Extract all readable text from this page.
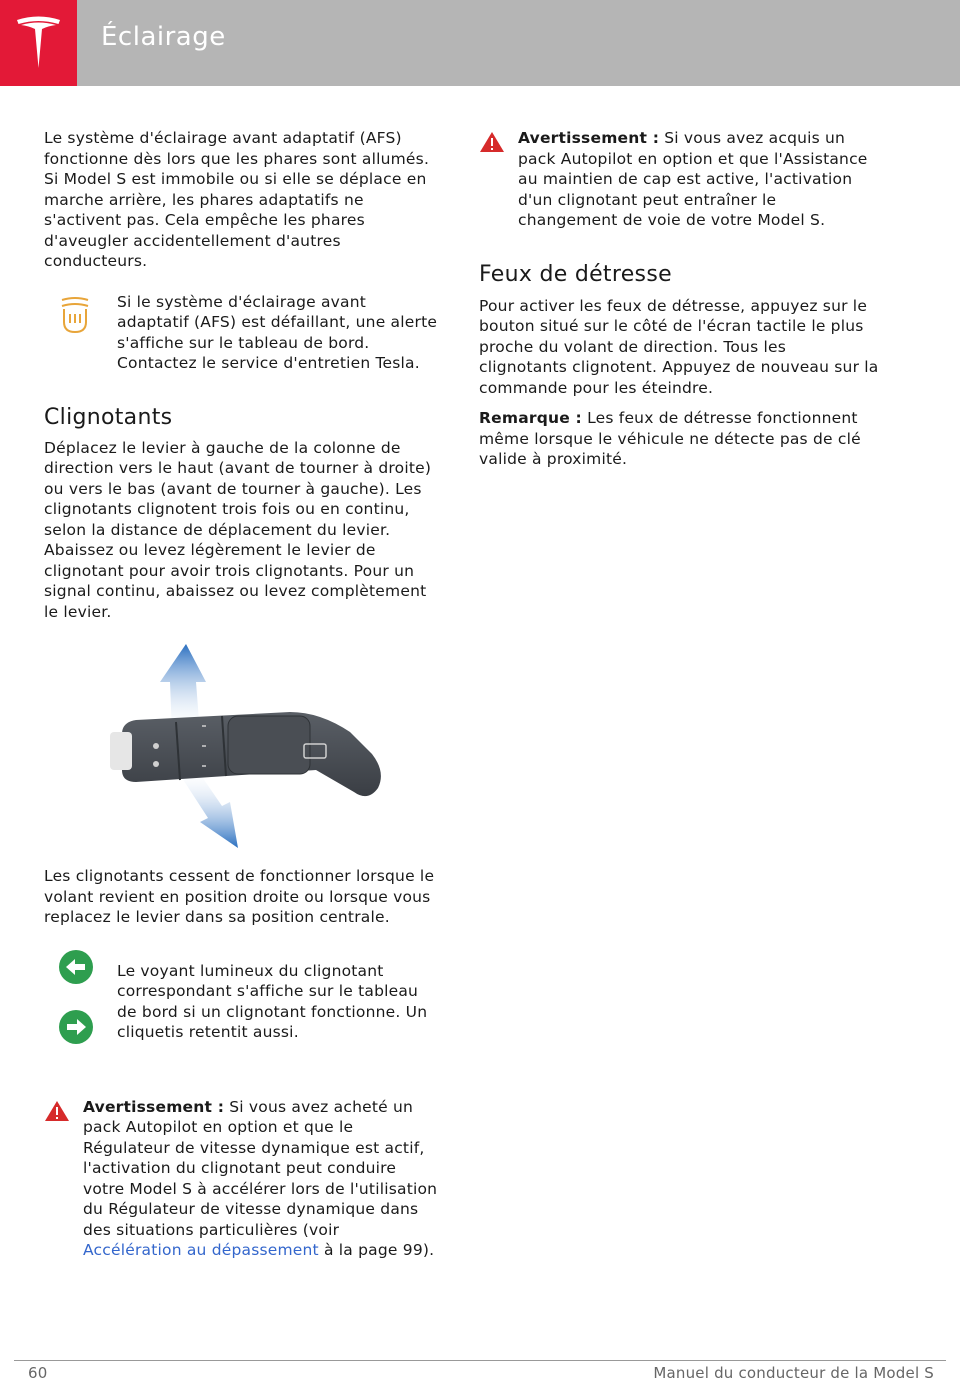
Éclairage

Le système d'éclairage avant adaptatif (AFS) fonctionne dès lors que les phares sont allumés. Si Model S est immobile ou si elle se déplace en marche arrière, les phares adaptatifs ne s'activent pas. Cela empêche les phares d'aveugler accidentellement d'autres conducteurs.

Si le système d'éclairage avant adaptatif (AFS) est défaillant, une alerte s'affiche sur le tableau de bord. Contactez le service d'entretien Tesla.

Clignotants

Déplacez le levier à gauche de la colonne de direction vers le haut (avant de tourner à droite) ou vers le bas (avant de tourner à gauche). Les clignotants clignotent trois fois ou en continu, selon la distance de déplacement du levier. Abaissez ou levez légèrement le levier de clignotant pour avoir trois clignotants. Pour un signal continu, abaissez ou levez complètement le levier.

Les clignotants cessent de fonctionner lorsque le volant revient en position droite ou lorsque vous replacez le levier dans sa position centrale.

Le voyant lumineux du clignotant correspondant s'affiche sur le tableau de bord si un clignotant fonctionne. Un cliquetis retentit aussi.

Avertissement : Si vous avez acheté un pack Autopilot en option et que le Régulateur de vitesse dynamique est actif, l'activation du clignotant peut conduire votre Model S à accélérer lors de l'utilisation du Régulateur de vitesse dynamique dans des situations particulières (voir Accélération au dépassement à la page 99).

Avertissement : Si vous avez acquis un pack Autopilot en option et que l'Assistance au maintien de cap est active, l'activation d'un clignotant peut entraîner le changement de voie de votre Model S.

Feux de détresse

Pour activer les feux de détresse, appuyez sur le bouton situé sur le côté de l'écran tactile le plus proche du volant de direction. Tous les clignotants clignotent. Appuyez de nouveau sur la commande pour les éteindre.

Remarque : Les feux de détresse fonctionnent même lorsque le véhicule ne détecte pas de clé valide à proximité.

60	Manuel du conducteur de la Model S
